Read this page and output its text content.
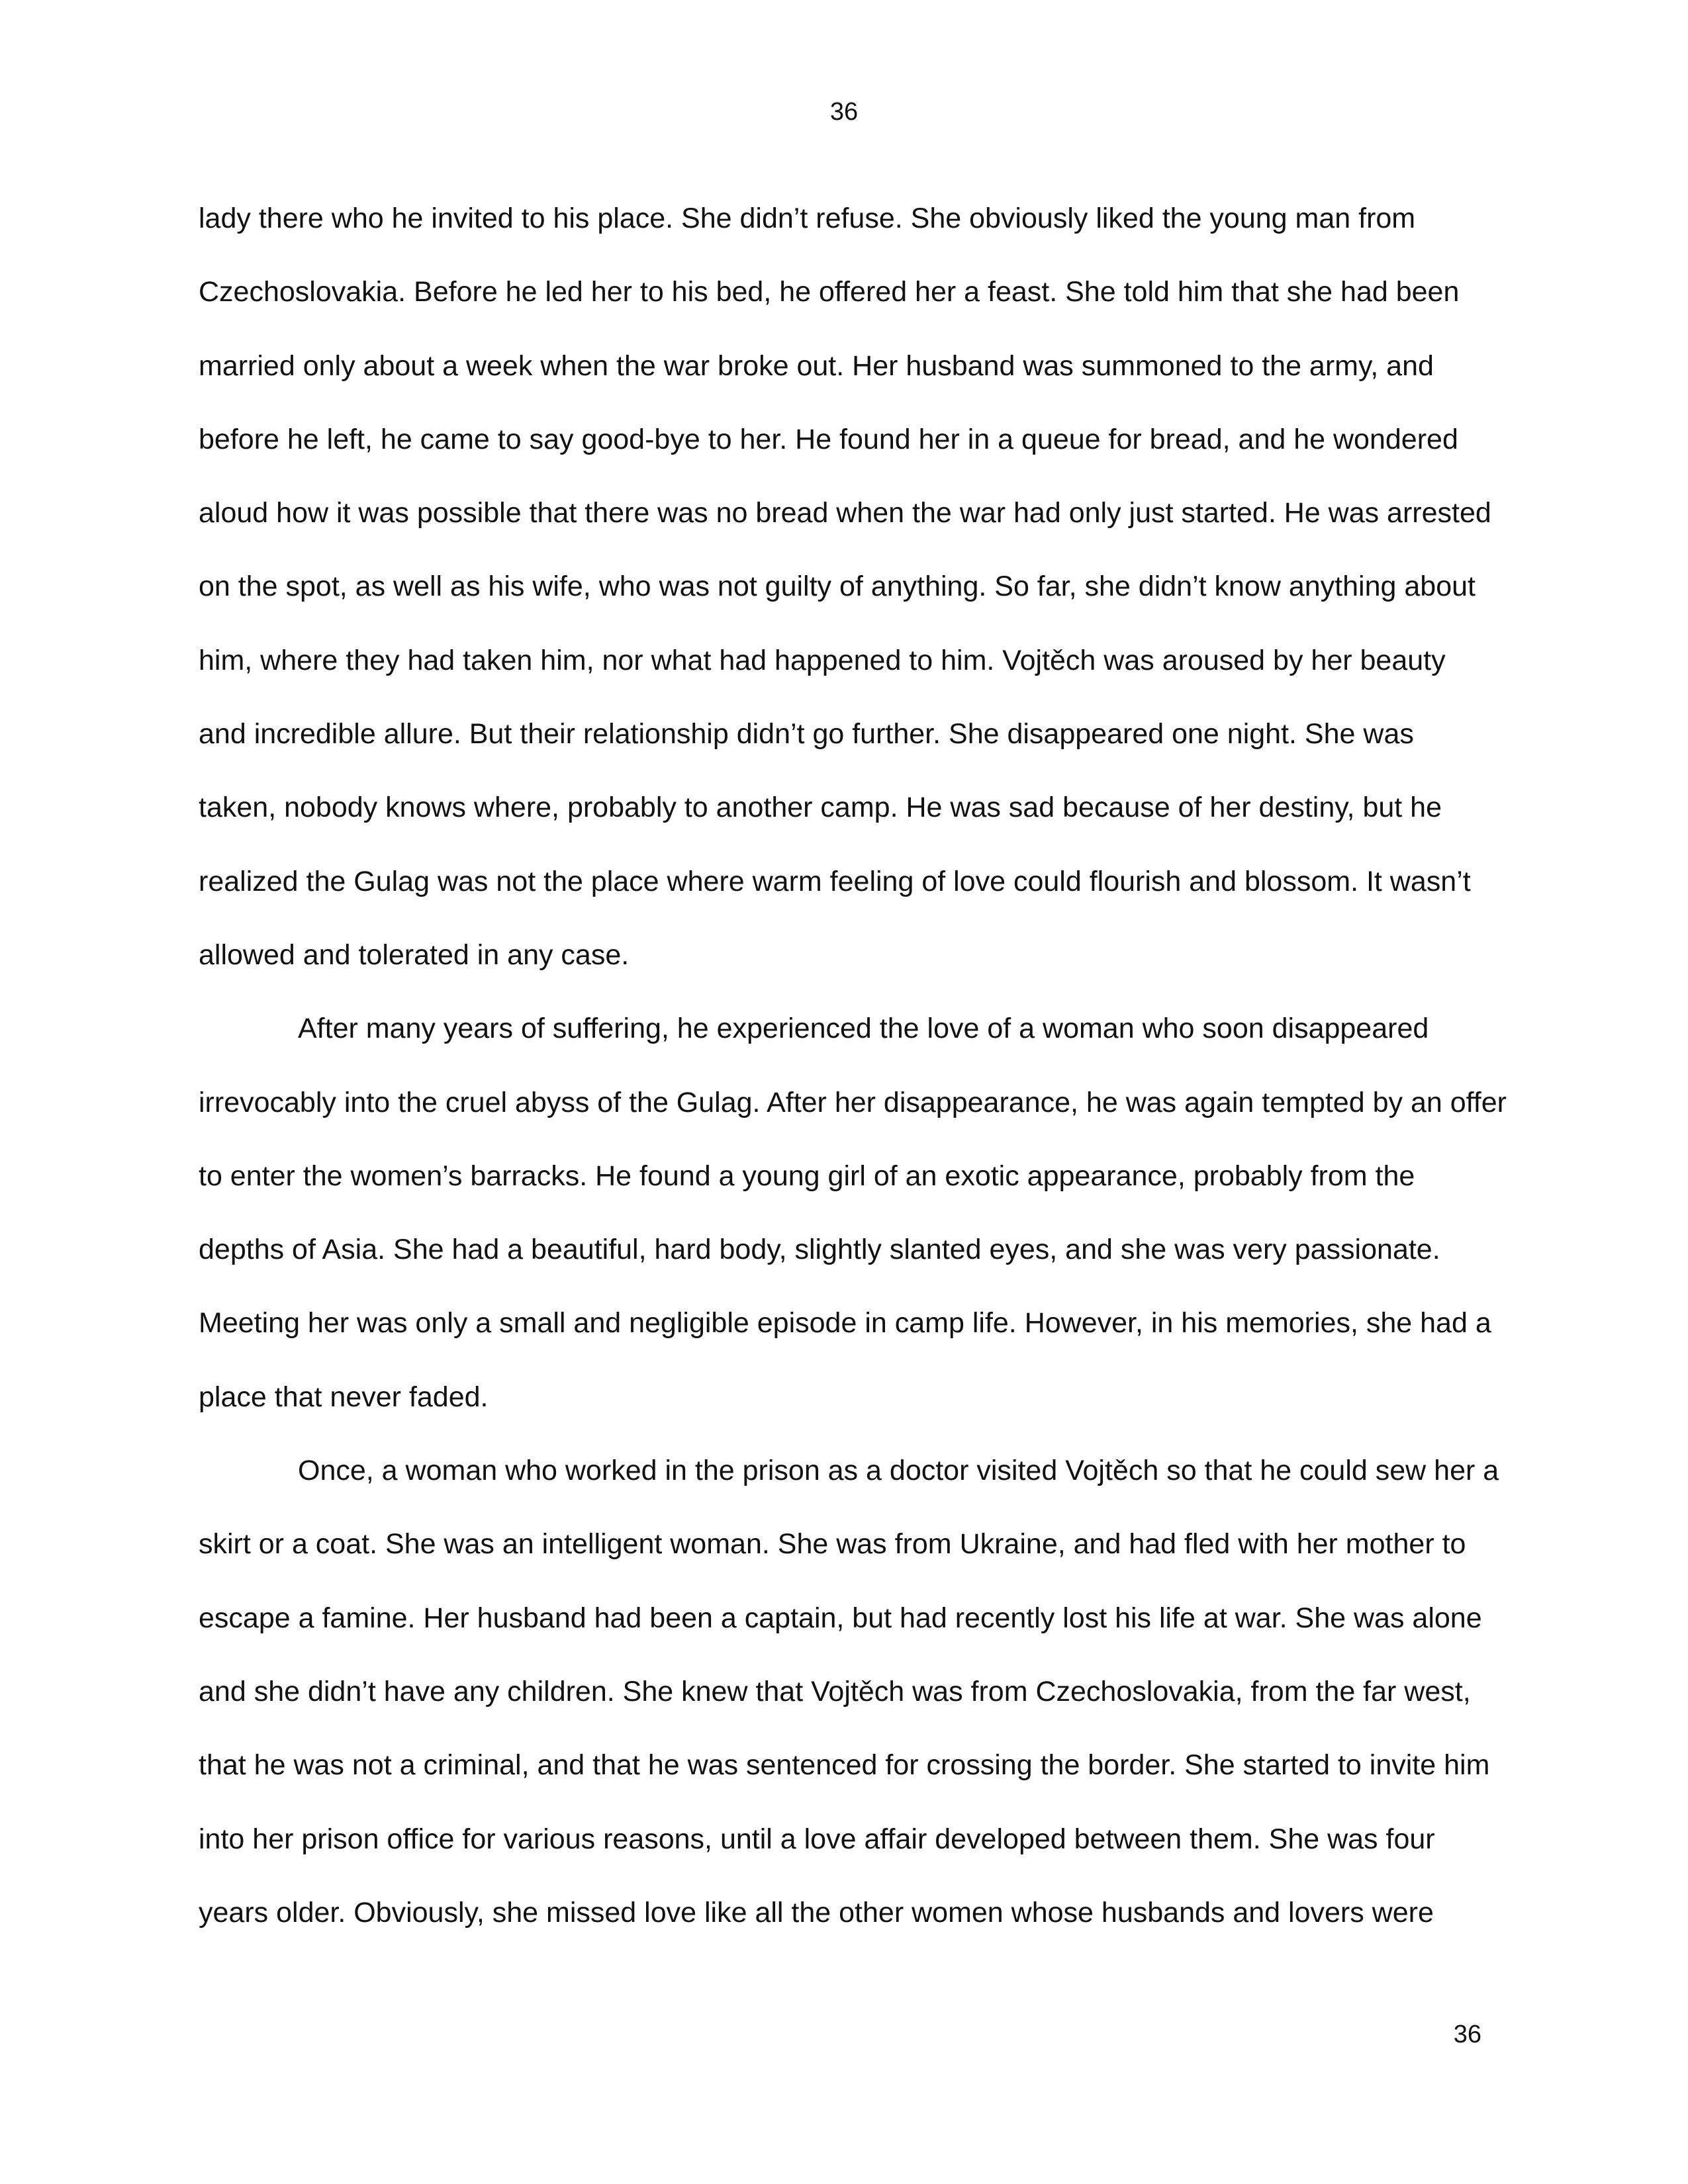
36
lady there who he invited to his place. She didn’t refuse. She obviously liked the young man from
Czechoslovakia. Before he led her to his bed, he offered her a feast. She told him that she had been
married only about a week when the war broke out. Her husband was summoned to the army, and
before he left, he came to say good-bye to her. He found her in a queue for bread, and he wondered
aloud how it was possible that there was no bread when the war had only just started. He was arrested
on the spot, as well as his wife, who was not guilty of anything. So far, she didn’t know anything about
him, where they had taken him, nor what had happened to him. Vojtěch was aroused by her beauty
and incredible allure. But their relationship didn’t go further. She disappeared one night. She was
taken, nobody knows where, probably to another camp. He was sad because of her destiny, but he
realized the Gulag was not the place where warm feeling of love could flourish and blossom. It wasn’t
allowed and tolerated in any case.
After many years of suffering, he experienced the love of a woman who soon disappeared
irrevocably into the cruel abyss of the Gulag. After her disappearance, he was again tempted by an offer
to enter the women’s barracks. He found a young girl of an exotic appearance, probably from the
depths of Asia. She had a beautiful, hard body, slightly slanted eyes, and she was very passionate.
Meeting her was only a small and negligible episode in camp life. However, in his memories, she had a
place that never faded.
Once, a woman who worked in the prison as a doctor visited Vojtěch so that he could sew her a
skirt or a coat. She was an intelligent woman. She was from Ukraine, and had fled with her mother to
escape a famine. Her husband had been a captain, but had recently lost his life at war. She was alone
and she didn’t have any children. She knew that Vojtěch was from Czechoslovakia, from the far west,
that he was not a criminal, and that he was sentenced for crossing the border. She started to invite him
into her prison office for various reasons, until a love affair developed between them. She was four
years older. Obviously, she missed love like all the other women whose husbands and lovers were
36
